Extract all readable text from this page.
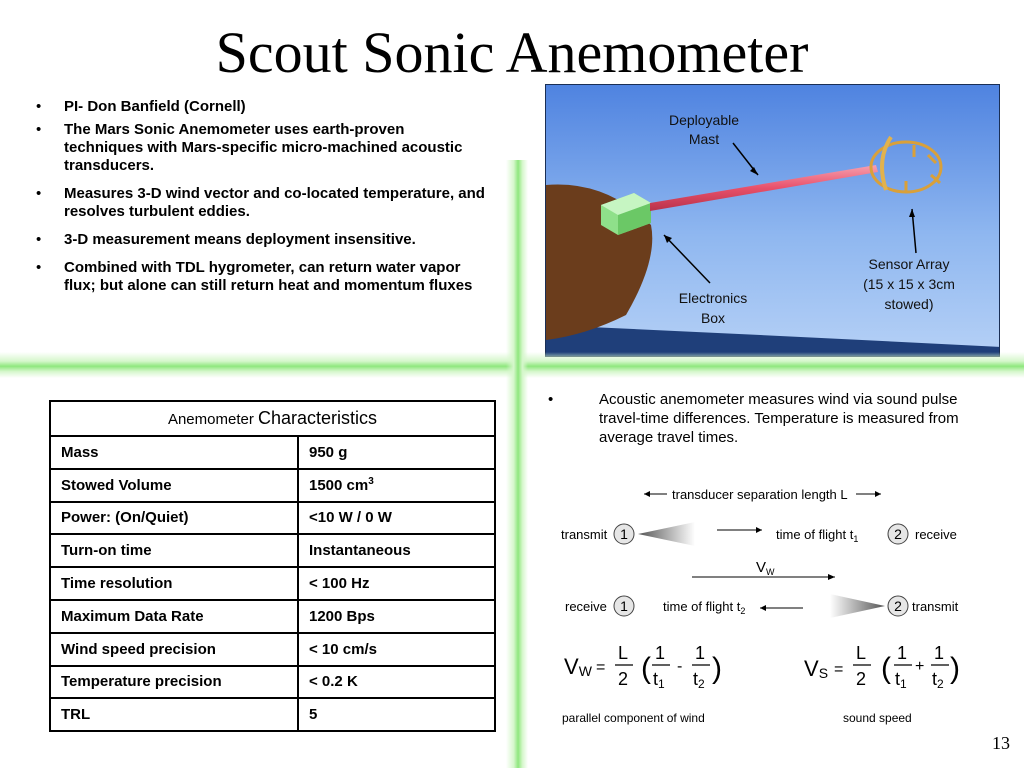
Scout Sonic Anemometer
• PI- Don Banfield (Cornell)
• The Mars Sonic Anemometer uses earth-proven techniques with Mars-specific micro-machined acoustic transducers.
• Measures 3-D wind vector and co-located temperature, and resolves turbulent eddies.
• 3-D measurement means deployment insensitive.
• Combined with TDL hygrometer, can return water vapor flux; but alone can still return heat and momentum fluxes
Deployable
Mast
Sensor Array
(15 x 15 x 3cm
stowed)
Electronics
Box
Anemometer Characteristics	
Mass	950 g
Stowed Volume	1500 $cm^3$
Power: (On/Quiet)	<10 W / 0 W
Turn-on time	Instantaneous
Time resolution	< 100 Hz
Maximum Data Rate	1200 Bps
Wind speed precision	< 10 cm/s
Temperature precision	< 0.2 K
TRL	5
•	Acoustic anemometer measures wind via sound pulse travel-time differences. Temperature is measured from average travel times.
transducer separation length L
transmit 1	time of flight $t_1$	2 receive
$V_W$
receive 1	time of flight $t_2$	2 transmit
VW =
L
2 ( 1
t1
-
1
t2 )
parallel component of wind
VS =
L
2 ( 1
t1
+
1
t2 )
sound speed
13
